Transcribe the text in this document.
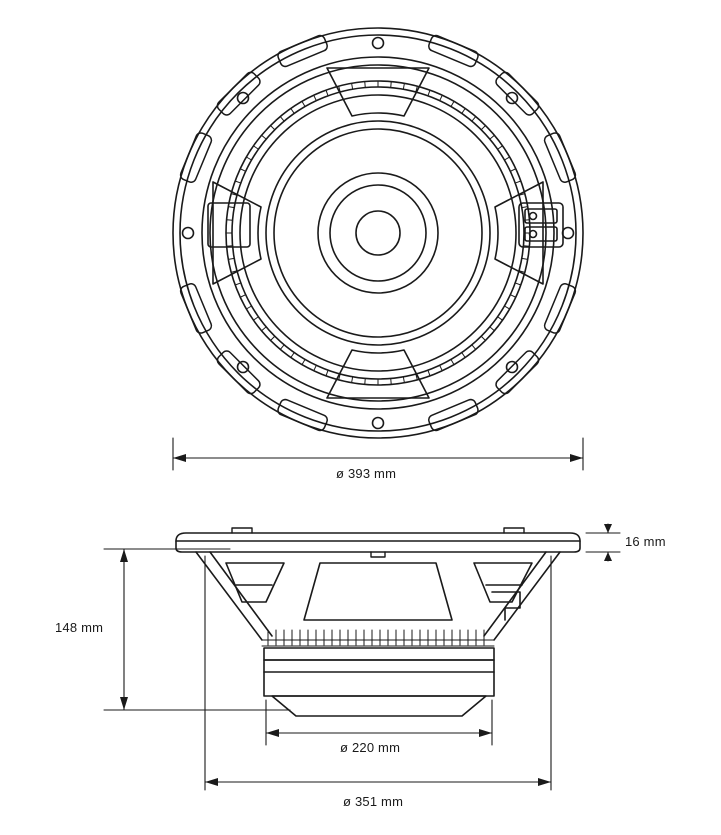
ø 393 mm
16 mm
148 mm
ø 220 mm
ø 351 mm
